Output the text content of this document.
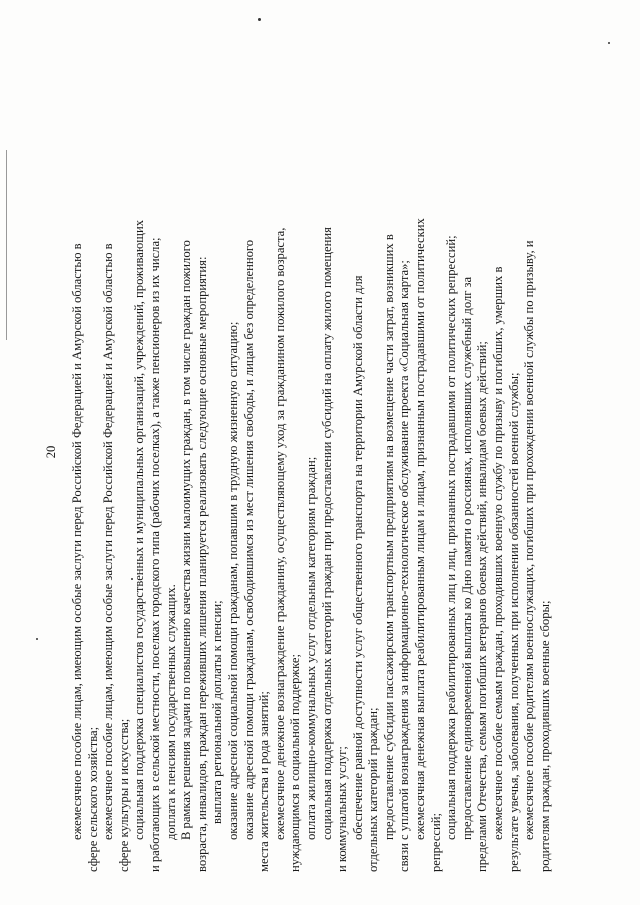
20 ежемесячное пособие лицам, имеющим особые заслуги перед Российской Федерацией и Амурской областью в сфере сельского хозяйства; ежемесячное пособие лицам, имеющим особые заслуги перед Российской Федерацией и Амурской областью в сфере культуры и искусства; социальная поддержка специалистов государственных и муниципальных организаций, учреждений, проживающих и работающих в сельской местности, поселках городского типа (рабочих поселках), а также пенсионеров из их числа; доплата к пенсиям государственных служащих. В рамках решения задачи по повышению качества жизни малоимущих граждан, в том числе граждан пожилого возраста, инвалидов, граждан переживших лишения планируется реализовать следующие основные мероприятия: выплата региональной доплаты к пенсии; оказание адресной социальной помощи гражданам, попавшим в трудную жизненную ситуацию; оказание адресной помощи гражданам, освободившимся из мест лишения свободы, и лицам без определенного места жительства и рода занятий; ежемесячное денежное вознаграждение гражданину, осуществляющему уход за гражданином пожилого возраста, нуждающимся в социальной поддержке; оплата жилищно-коммунальных услуг отдельным категориям граждан; социальная поддержка отдельных категорий граждан при предоставлении субсидий на оплату жилого помещения и коммунальных услуг; обеспечение равной доступности услуг общественного транспорта на территории Амурской области для отдельных категорий граждан; предоставление субсидии пассажирским транспортным предприятиям на возмещение части затрат, возникших в связи с уплатой вознаграждения за информационно-технологическое обслуживание проекта «Социальная карта»; ежемесячная денежная выплата реабилитированным лицам и лицам, признанным пострадавшими от политических
репрессий;
социальная поддержка реабилитированных лиц и лиц, признанных пострадавшими от политических репрессий; предоставление единовременной выплаты ко Дню памяти о россиянах, исполнявших служебный долг за пределами Отечества, семьям погибших ветеранов боевых действий, инвалидам боевых действий; ежемесячное пособие семьям граждан, проходивших военную службу по призыву и погибших, умерших в результате увечья, заболевания, полученных при исполнении обязанностей военной службы; ежемесячное пособие родителям военнослужащих, погибших при прохождении военной службы по призыву, и родителям граждан, проходивших военные сборы;
